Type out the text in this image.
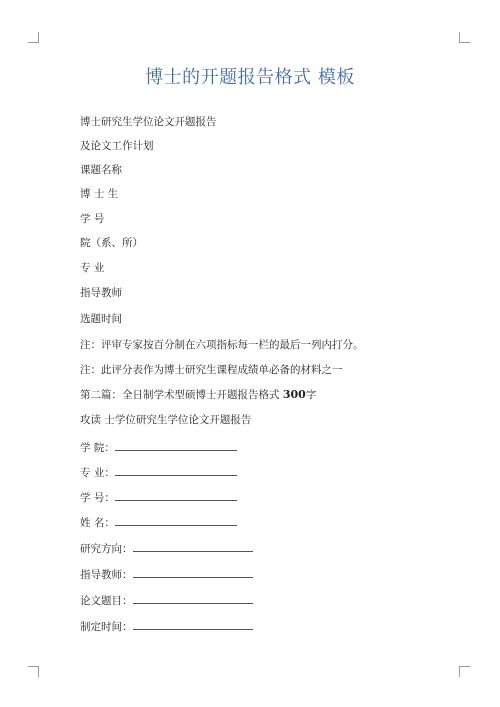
博士的开题报告格式 模板
博士研究生学位论文开题报告
及论文工作计划
课题名称
博 士 生
学 号
院（系、所）
专 业
指导教师
选题时间
注：评审专家按百分制在六项指标每一栏的最后一列内打分。
注：此评分表作为博士研究生课程成绩单必备的材料之一
第二篇：全日制学术型硕博士开题报告格式 300字
攻读 士学位研究生学位论文开题报告
学 院：
专 业：
学 号：
姓 名：
研究方向：
指导教师：
论文题目：
制定时间：
